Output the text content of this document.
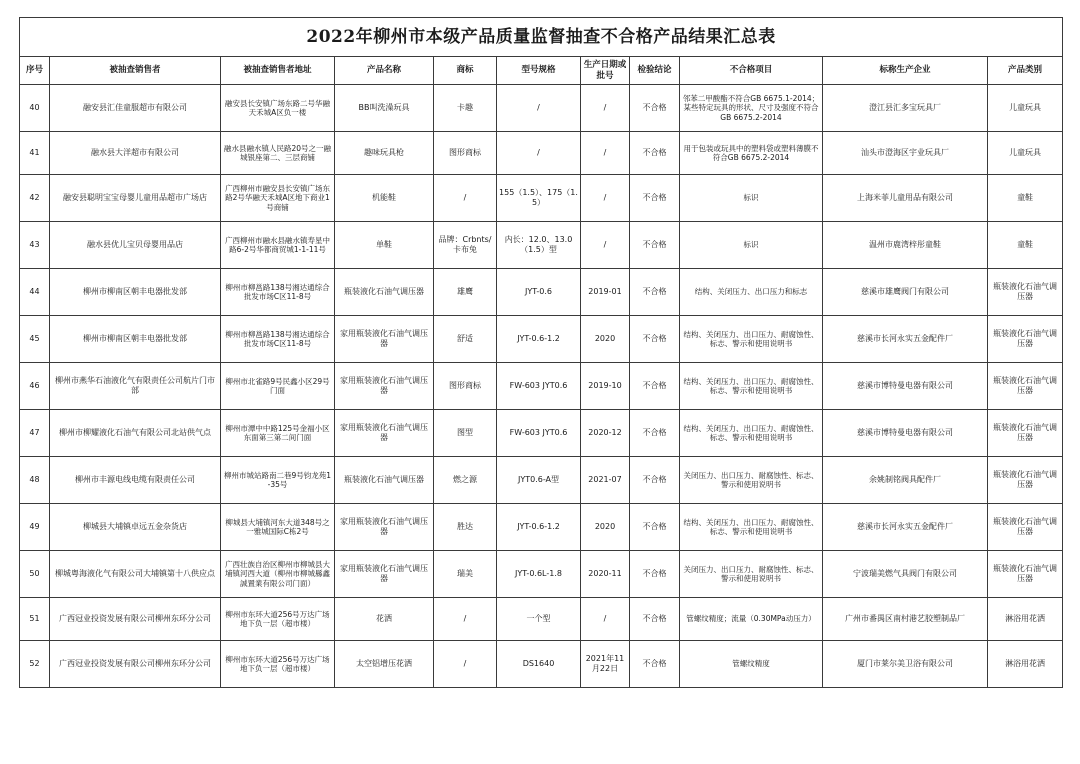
2022年柳州市本级产品质量监督抽查不合格产品结果汇总表										
序号	被抽查销售者	被抽查销售者地址	产品名称	商标	型号规格	生产日期或批号	检验结论	不合格项目	标称生产企业	产品类别
40	融安县汇佳童服超市有限公司	融安县长安镇广场东路二号华融天禾城A区负一楼	BB叫洗澡玩具	卡趣	/	/	不合格	邻苯二甲酸酯不符合GB 6675.1-2014；某些特定玩具的形状、尺寸及强度不符合GB 6675.2-2014	澄江县汇多宝玩具厂	儿童玩具
41	融水县大洋超市有限公司	融水县融水镇人民路20号之一融城银座第二、三层商铺	趣味玩具枪	图形商标	/	/	不合格	用于包装或玩具中的塑料袋或塑料薄膜不符合GB 6675.2-2014	汕头市澄海区宇业玩具厂	儿童玩具
42	融安县聪明宝宝母婴儿童用品超市广场店	广西柳州市融安县长安镇广场东路2号华融天禾城A区地下商业1号商铺	机能鞋	/	155（1.5）、175（1.5）	/	不合格	标识	上海米菲儿童用品有限公司	童鞋
43	融水县优儿宝贝母婴用品店	广西柳州市融水县融水镇寿星中路6-2号华都商贸城1-1-11号	单鞋	品牌：Crbnts/卡布兔	内长：12.0、13.0（1.5）型	/	不合格	标识	温州市鹿湾梓彤童鞋	童鞋
44	柳州市柳南区朝丰电器批发部	柳州市柳邕路138号湘达通综合批发市场C区11-8号	瓶装液化石油气调压器	雄鹰	JYT-0.6	2019-01	不合格	结构、关闭压力、出口压力和标志	慈溪市雄鹰阀门有限公司	瓶装液化石油气调压器
45	柳州市柳南区朝丰电器批发部	柳州市柳邕路138号湘达通综合批发市场C区11-8号	家用瓶装液化石油气调压器	舒适	JYT-0.6-1.2	2020	不合格	结构、关闭压力、出口压力、耐腐蚀性、标志、警示和使用说明书	慈溪市长河永实五金配件厂	瓶装液化石油气调压器
46	柳州市燕华石油液化气有限责任公司航片门市部	柳州市北雀路9号民鑫小区29号门面	家用瓶装液化石油气调压器	图形商标	FW-603 JYT0.6	2019-10	不合格	结构、关闭压力、出口压力、耐腐蚀性、标志、警示和使用说明书	慈溪市博特曼电器有限公司	瓶装液化石油气调压器
47	柳州市柳耀液化石油气有限公司北站供气点	柳州市潭中中路125号金福小区东面第三第二间门面	家用瓶装液化石油气调压器	图型	FW-603 JYT0.6	2020-12	不合格	结构、关闭压力、出口压力、耐腐蚀性、标志、警示和使用说明书	慈溪市博特曼电器有限公司	瓶装液化石油气调压器
48	柳州市丰源电线电缆有限责任公司	柳州市城站路南二巷9号钧龙苑1-35号	瓶装液化石油气调压器	燃之源	JYT0.6-A型	2021-07	不合格	关闭压力、出口压力、耐腐蚀性、标志、警示和使用说明书	余姚制铭阀具配件厂	瓶装液化石油气调压器
49	柳城县大埔镇卓远五金杂货店	柳城县大埔镇河东大道348号之一雅城国际C栋2号	家用瓶装液化石油气调压器	胜达	JYT-0.6-1.2	2020	不合格	结构、关闭压力、出口压力、耐腐蚀性、标志、警示和使用说明书	慈溪市长河永实五金配件厂	瓶装液化石油气调压器
50	柳城粤海液化气有限公司大埔镇第十八供应点	广西壮族自治区柳州市柳城县大埔镇河西大道（柳州市柳城縣鑫誠置業有限公司门面）	家用瓶装液化石油气调压器	瑞美	JYT-0.6L-1.8	2020-11	不合格	关闭压力、出口压力、耐腐蚀性、标志、警示和使用说明书	宁波瑞美燃气具阀门有限公司	瓶装液化石油气调压器
51	广西冠业投资发展有限公司柳州东环分公司	柳州市东环大道256号万达广场地下负一层（超市楼）	花洒	/	一个型	/	不合格	管螺纹精度；流量（0.30MPa动压力）	广州市番禺区南村港艺胶塑制品厂	淋浴用花洒
52	广西冠业投资发展有限公司柳州东环分公司	柳州市东环大道256号万达广场地下负一层（超市楼）	太空铝增压花洒	/	DS1640	2021年11月22日	不合格	管螺纹精度	厦门市莱尔美卫浴有限公司	淋浴用花洒
